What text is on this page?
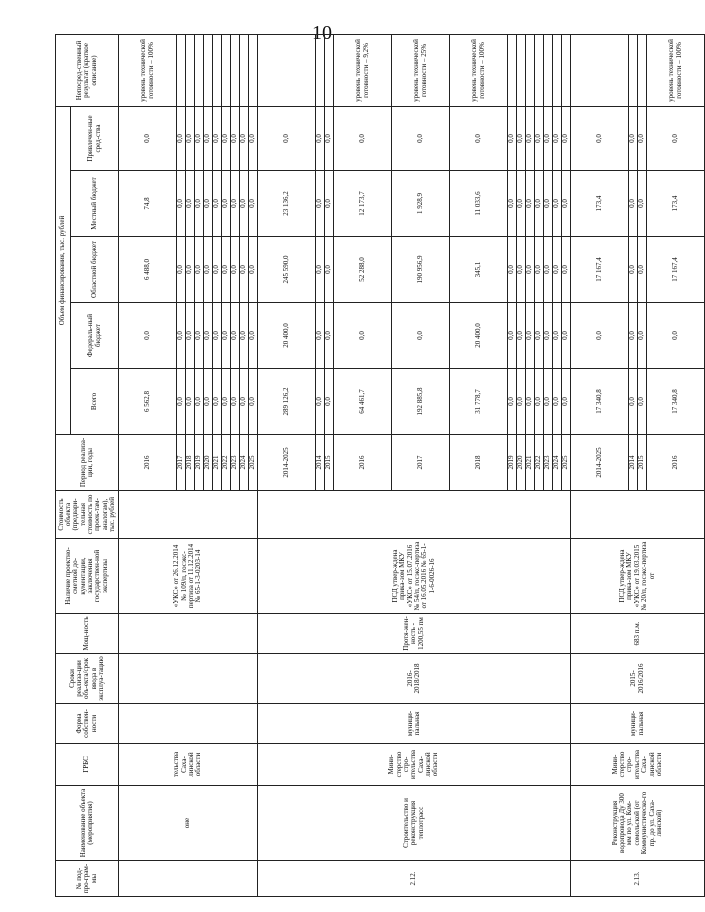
10
№ под-про-грам-мы	Наименование объекта (мероприятия)	ГРБС	Форма собствен-ности	Сроки реализа-ции объ-екта/срок ввода в эксплуа-тацию	Мощ-ность	Наличие проектно-сметной до-кументации, заключения государствен-ной экспертизы	Стоимость объекта (предвари-тельная стоимость по проек-там-аналогам), тыс. рублей	Период реализа-ции, годы	Объем финансирования, тыс. рублей					Непосред-ственный результат (краткое описание)
									Всего	Федераль-ный бюджет	Областной бюджет	Местный бюджет	Привлечен-ные сред-ства	
	оне	тельства Саха-линской области				«УКС» от 26.12.2014 № 109/п, госэкс-пертиза от 11.12.2014 № 65-1-3-0203-14		2016	6 562,8	0,0	6 488,0	74,8	0,0	уровень технической готовности – 100%
								2017	0,0	0,0	0,0	0,0	0,0	
								2018	0,0	0,0	0,0	0,0	0,0	
								2019	0,0	0,0	0,0	0,0	0,0	
								2020	0,0	0,0	0,0	0,0	0,0	
								2021	0,0	0,0	0,0	0,0	0,0	
								2022	0,0	0,0	0,0	0,0	0,0	
								2023	0,0	0,0	0,0	0,0	0,0	
								2024	0,0	0,0	0,0	0,0	0,0	
								2025	0,0	0,0	0,0	0,0	0,0	
2.12.	Строительство и реконструкция теплотрасс	Мини-стерство стро-ительства Саха-линской области	муници-пальная	2016-2018/2018	Протя-жен-ность - 1200,55 пм	ПСД утвер-ждена прика-зом МКУ «УКС» от 15.07.2016 № 54/п, госэкс-пертиза от 16.05.2016 № 65-1-1-6-0026-16		2014-2025	289 126,2	20 400,0	245 590,0	23 136,2	0,0	
								2014	0,0	0,0	0,0	0,0	0,0	
								2015	0,0	0,0	0,0	0,0	0,0	
								2016	64 461,7	0,0	52 288,0	12 173,7	0,0	уровень технической готовности – 9,2%
								2017	192 885,8	0,0	190 956,9	1 928,9	0,0	уровень технической готовности – 25%
								2018	31 778,7	20 400,0	345,1	11 033,6	0,0	уровень технической готовности – 100%
								2019	0,0	0,0	0,0	0,0	0,0	
								2020	0,0	0,0	0,0	0,0	0,0	
								2021	0,0	0,0	0,0	0,0	0,0	
								2022	0,0	0,0	0,0	0,0	0,0	
								2023	0,0	0,0	0,0	0,0	0,0	
								2024	0,0	0,0	0,0	0,0	0,0	
								2025	0,0	0,0	0,0	0,0	0,0	
2.13.	Реконструкция водопровода Ду 300 мм по ул. Ком-сомольской (от Коммунистическо-го пр. до ул. Саха-линской)	Мини-стерство стро-ительства Саха-линской области	муници-пальная	2015-2016/2016	683 п.м.	ПСД утвер-ждена прика-зом МКУ «УКС» от 19.03.2015 № 20/п, госэкс-пертиза от		2014-2025	17 340,8	0,0	17 167,4	173,4	0,0	
								2014	0,0	0,0	0,0	0,0	0,0	
								2015	0,0	0,0	0,0	0,0	0,0	
								2016	17 340,8	0,0	17 167,4	173,4	0,0	уровень технической готовности – 100%
